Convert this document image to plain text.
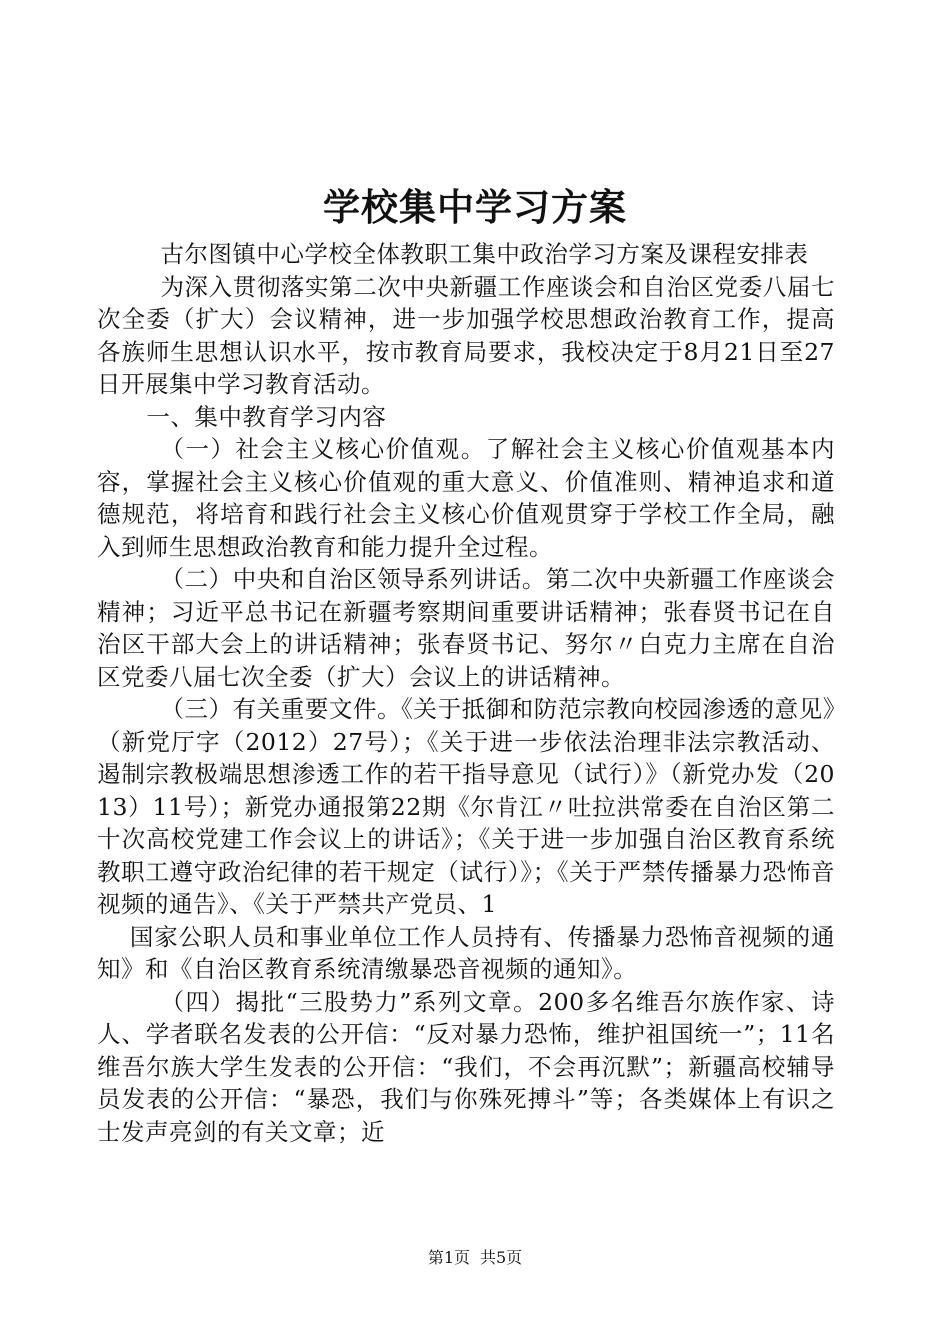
学校集中学习方案

古尔图镇中心学校全体教职工集中政治学习方案及课程安排表

为深入贯彻落实第二次中央新疆工作座谈会和自治区党委八届七次全委（扩大）会议精神，进一步加强学校思想政治教育工作，提高各族师生思想认识水平，按市教育局要求，我校决定于8月21日至27日开展集中学习教育活动。

一、集中教育学习内容

（一）社会主义核心价值观。了解社会主义核心价值观基本内容，掌握社会主义核心价值观的重大意义、价值准则、精神追求和道德规范，将培育和践行社会主义核心价值观贯穿于学校工作全局，融入到师生思想政治教育和能力提升全过程。

（二）中央和自治区领导系列讲话。第二次中央新疆工作座谈会精神；习近平总书记在新疆考察期间重要讲话精神；张春贤书记在自治区干部大会上的讲话精神；张春贤书记、努尔〃白克力主席在自治区党委八届七次全委（扩大）会议上的讲话精神。

（三）有关重要文件。《关于抵御和防范宗教向校园渗透的意见》（新党厅字（2012）27号）；《关于进一步依法治理非法宗教活动、遏制宗教极端思想渗透工作的若干指导意见（试行）》（新党办发（2013）11号）；新党办通报第22期《尔肯江〃吐拉洪常委在自治区第二十次高校党建工作会议上的讲话》；《关于进一步加强自治区教育系统教职工遵守政治纪律的若干规定（试行）》；《关于严禁传播暴力恐怖音视频的通告》、《关于严禁共产党员、1

国家公职人员和事业单位工作人员持有、传播暴力恐怖音视频的通知》和《自治区教育系统清缴暴恐音视频的通知》。

（四）揭批“三股势力”系列文章。200多名维吾尔族作家、诗人、学者联名发表的公开信：“反对暴力恐怖，维护祖国统一”；11名维吾尔族大学生发表的公开信：“我们，不会再沉默”；新疆高校辅导员发表的公开信：“暴恐，我们与你殊死搏斗”等；各类媒体上有识之士发声亮剑的有关文章；近

第1页 共5页
